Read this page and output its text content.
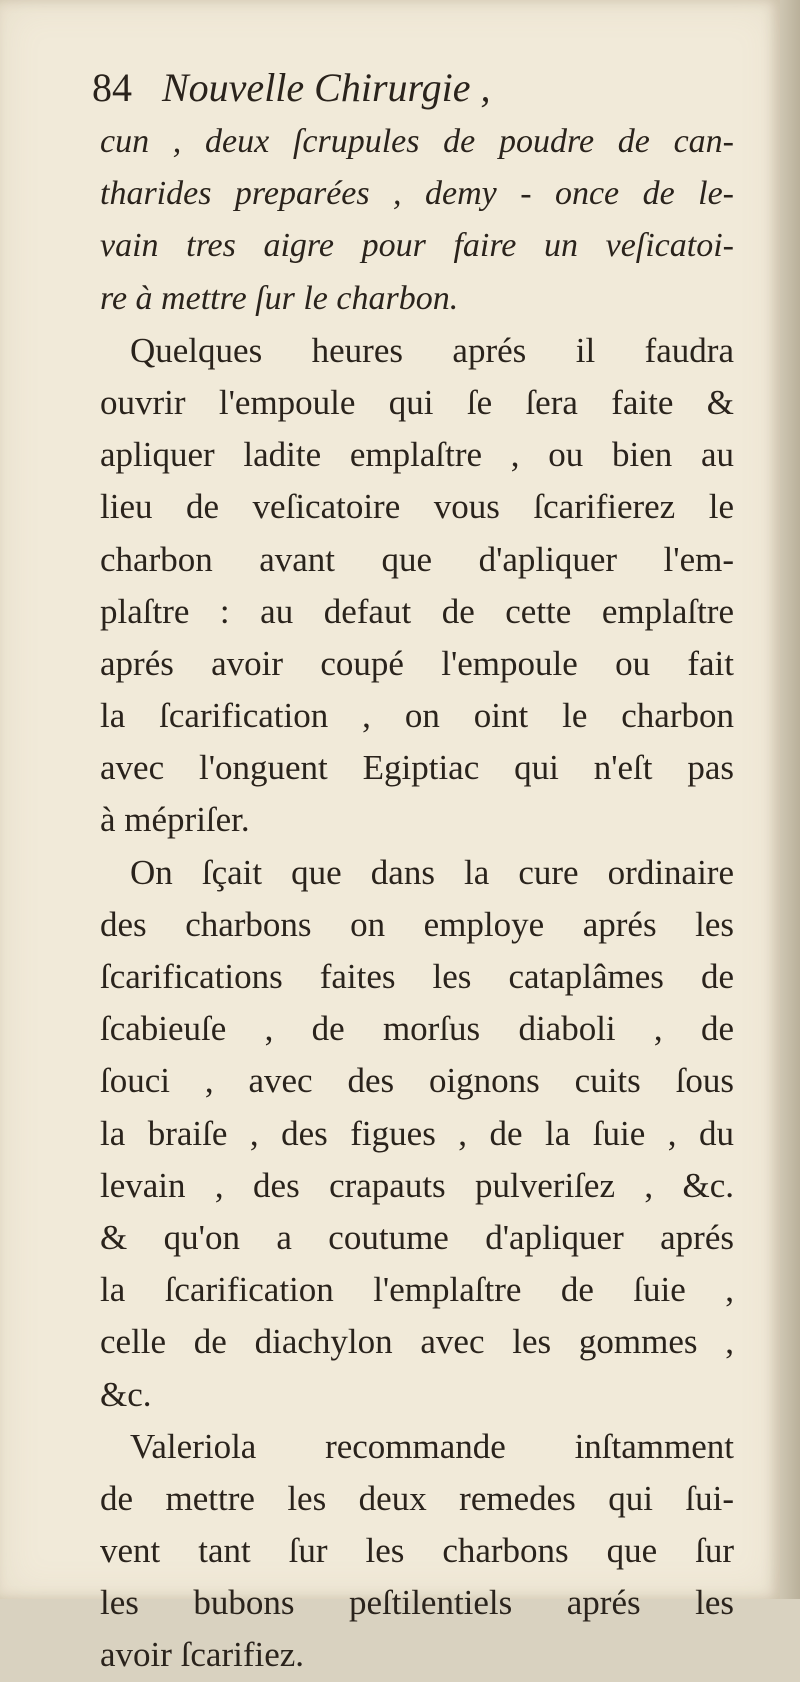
84 Nouvelle Chirurgie ,
cun , deux ſcrupules de poudre de can-
tharides preparées , demy - once de le-
vain tres aigre pour faire un veſicatoi-
re à mettre ſur le charbon.
Quelques heures aprés il faudra
ouvrir l'empoule qui ſe ſera faite &
apliquer ladite emplaſtre , ou bien au
lieu de veſicatoire vous ſcarifierez le
charbon avant que d'apliquer l'em-
plaſtre : au defaut de cette emplaſtre
aprés avoir coupé l'empoule ou fait
la ſcarification , on oint le charbon
avec l'onguent Egiptiac qui n'eſt pas
à mépriſer.
On ſçait que dans la cure ordinaire
des charbons on employe aprés les
ſcarifications faites les cataplâmes de
ſcabieuſe , de morſus diaboli , de
ſouci , avec des oignons cuits ſous
la braiſe , des figues , de la ſuie , du
levain , des crapauts pulveriſez , &c.
& qu'on a coutume d'apliquer aprés
la ſcarification l'emplaſtre de ſuie ,
celle de diachylon avec les gommes ,
&c.
Valeriola recommande inſtamment
de mettre les deux remedes qui ſui-
vent tant ſur les charbons que ſur
les bubons peſtilentiels aprés les
avoir ſcarifiez.
